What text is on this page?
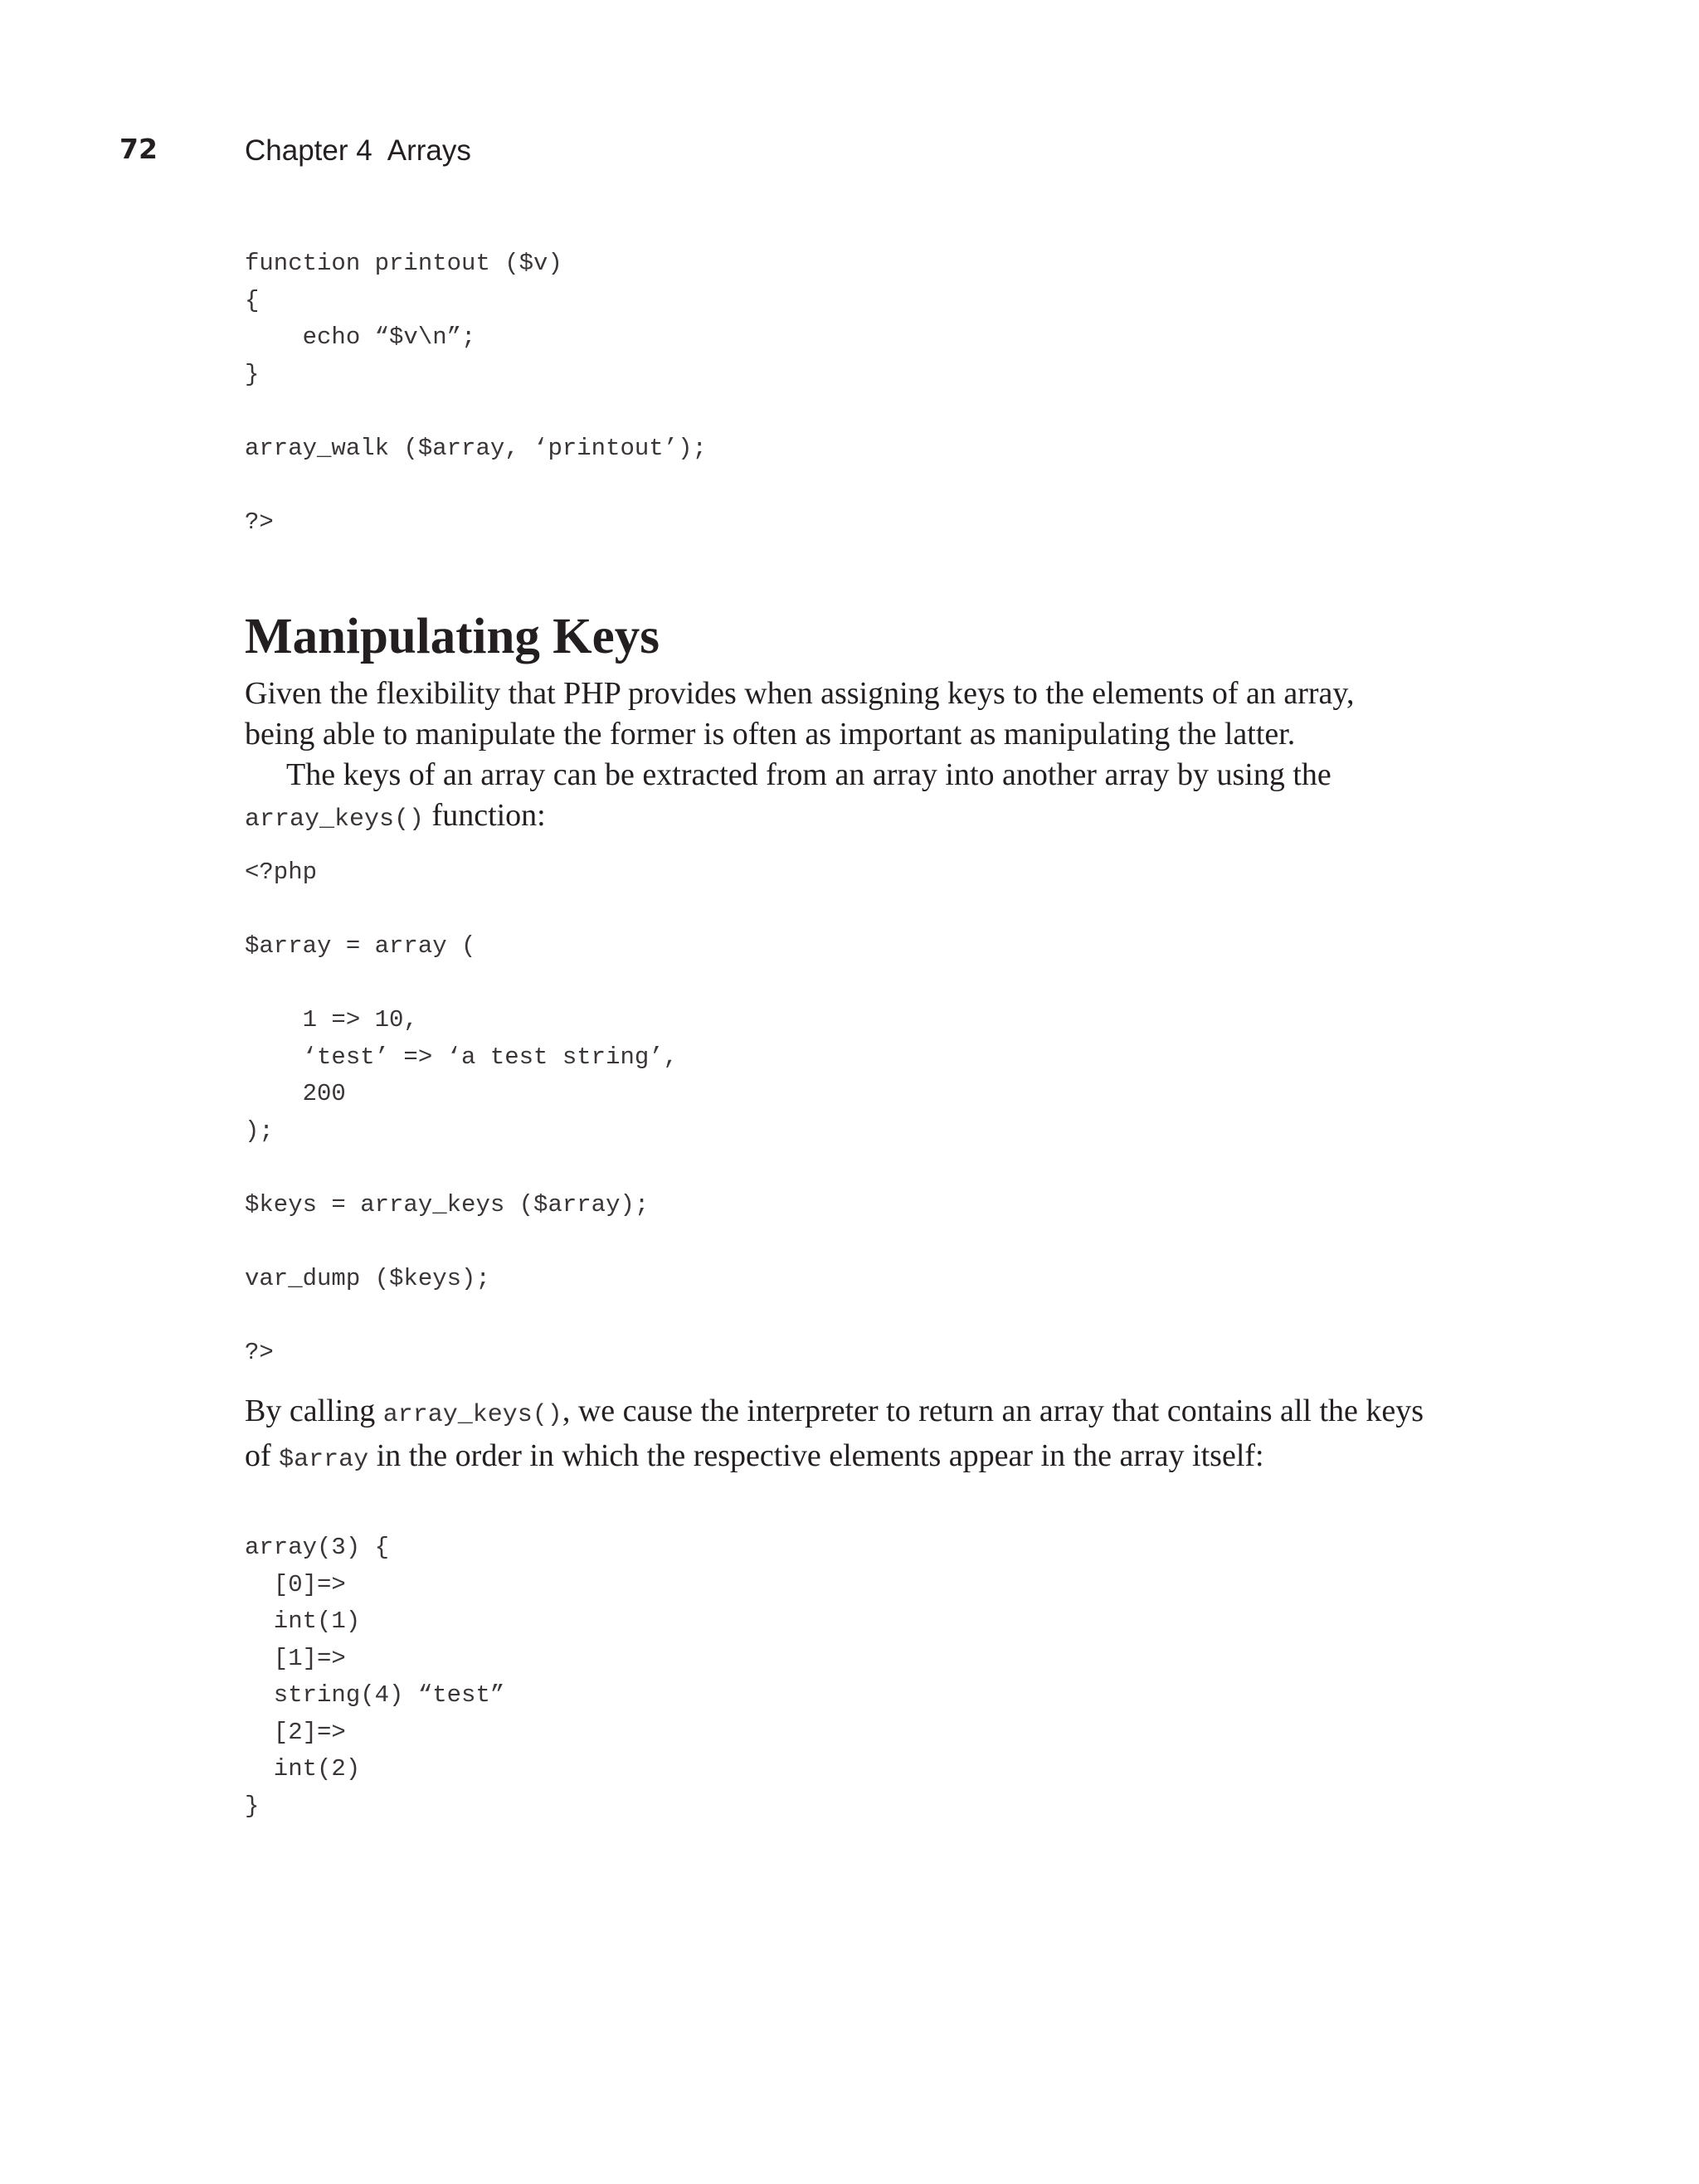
72	Chapter 4 Arrays
function printout ($v)
{
echo “$v\n”;
}

array_walk ($array, ‘printout’);

?>
Manipulating Keys
Given the flexibility that PHP provides when assigning keys to the elements of an array, being able to manipulate the former is often as important as manipulating the latter.
The keys of an array can be extracted from an array into another array by using the
array_keys() function:
<?php

$array = array (

1 => 10,
‘test’ => ‘a test string’,
200
);

$keys = array_keys ($array);

var_dump ($keys);

?>

By calling array_keys(), we cause the interpreter to return an array that contains all the keys of $array in the order in which the respective elements appear in the array itself:

array(3) {
[0]=>
int(1)
[1]=>
string(4) “test”
[2]=>
int(2)
}
